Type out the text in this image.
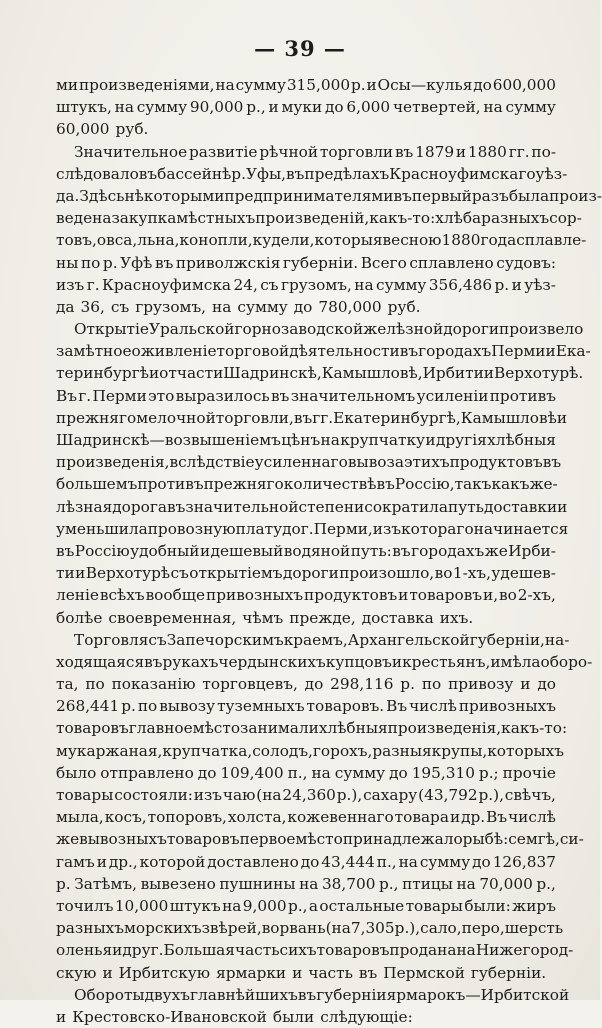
— 39 —
ми произведеніями, на сумму 315,000 р. и Осы—кулья до 600,000
штукъ, на сумму 90,000 р., и муки до 6,000 четвертей, на сумму
60,000 руб.
Значительное развитіе рѣчной торговли въ 1879 и 1880 гг. по-
слѣдовало въ бассейнѣ р. Уфы, въ предѣлахъ Красноуфимскаго уѣз-
да. Здѣсь нѣкоторыми предпринимателями въ первый разъ была произ-
ведена закупка мѣстныхъ произведеній, какъ-то: хлѣба разныхъ сор-
товъ, овса, льна, конопли, кудели, которыя весною 1880 года сплавле-
ны по р. Уфѣ въ приволжскія губерніи. Всего сплавлено судовъ:
изъ г. Красноуфимска 24, съ грузомъ, на сумму 356,486 р. и уѣз-
да 36, съ грузомъ, на сумму до 780,000 руб.
Открытіе Уральской горнозаводской желѣзной дороги произвело
замѣтное оживленіе торговой дѣятельности въ городахъ Перми и Ека-
теринбургѣ и отчасти Шадринскѣ, Камышловѣ, Ирбити и Верхотурѣ.
Въ г. Перми это выразилось въ значительномъ усиленіи противъ
прежняго мелочной торговли, въ гг. Екатеринбургѣ, Камышловѣ и
Шадринскѣ—возвышеніемъ цѣнъ на крупчатку и другія хлѣбныя
произведенія, вслѣдствіе усиленнаго вывоза этихъ продуктовъ въ
большемъ противъ прежняго количествѣ въ Россію, такъ какъ же-
лѣзная дорога въ значительной степени сократила путь доставки и
уменьшила провозную плату до г. Перми, изъ котораго начинается
въ Россію удобный и дешевый водяной путь: въ городахъ же Ирби-
ти и Верхотурѣ съ открытіемъ дороги произошло, во 1-хъ, удешев-
леніе всѣхъ вообще привозныхъ продуктовъ и товаровъ и, во 2-хъ,
болѣе своевременная, чѣмъ прежде, доставка ихъ.
Торговля съ Запечорскимъ краемъ, Архангельской губерніи, на-
ходящаяся въ рукахъ чердынскихъ купцовъ и крестьянъ, имѣла оборо-
та, по показанію торговцевъ, до 298,116 р. по привозу и до
268,441 р. по вывозу туземныхъ товаровъ. Въ числѣ привозныхъ
товаровъ главное мѣсто занимали хлѣбныя произведенія, какъ-то:
мука ржаная, крупчатка, солодъ, горохъ, разныя крупы, которыхъ
было отправлено до 109,400 п., на сумму до 195,310 р.; прочіе
товары состояли: изъ чаю (на 24,360 р.), сахару (43,792 р.), свѣчъ,
мыла, косъ, топоровъ, холста, кожевеннаго товара и др. Въ числѣ
же вывозныхъ товаровъ первое мѣсто принадлежало рыбѣ: семгѣ, си-
гамъ и др., которой доставлено до 43,444 п., на сумму до 126,837
р. Затѣмъ, вывезено пушнины на 38,700 р., птицы на 70,000 р.,
точилъ 10,000 штукъ на 9,000 р., а остальные товары были: жиръ
разныхъ морскихъ звѣрей, ворвань (на 7,305 р.), сало, перо, шерсть
оленья и друг. Большая часть сихъ товаровъ продана на Нижегород-
скую и Ирбитскую ярмарки и часть въ Пермской губерніи.
Обороты двухъ главнѣйшихъ въ губерніи ярмарокъ—Ирбитской
и Крестовско-Ивановской были слѣдующіе:
